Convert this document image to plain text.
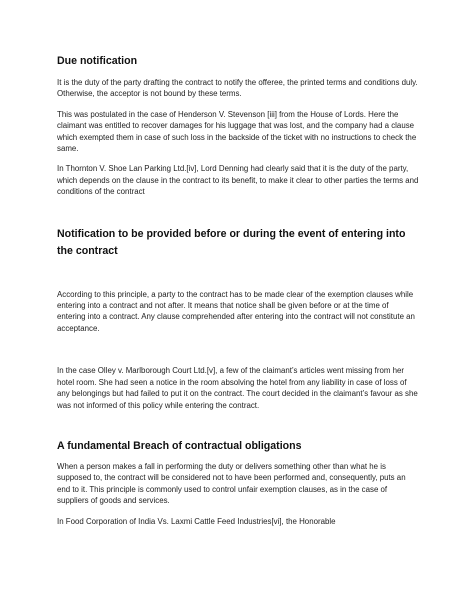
Due notification

It is the duty of the party drafting the contract to notify the offeree, the printed terms and conditions duly. Otherwise, the acceptor is not bound by these terms.

This was postulated in the case of Henderson V. Stevenson [iii] from the House of Lords. Here the claimant was entitled to recover damages for his luggage that was lost, and the company had a clause which exempted them in case of such loss in the backside of the ticket with no instructions to check the same.

In Thornton V. Shoe Lan Parking Ltd.[iv], Lord Denning had clearly said that it is the duty of the party, which depends on the clause in the contract to its benefit, to make it clear to other parties the terms and conditions of the contract

Notification to be provided before or during the event of entering into the contract

According to this principle, a party to the contract has to be made clear of the exemption clauses while entering into a contract and not after. It means that notice shall be given before or at the time of entering into a contract. Any clause comprehended after entering into the contract will not constitute an acceptance.

In the case Olley v. Marlborough Court Ltd.[v], a few of the claimant’s articles went missing from her hotel room. She had seen a notice in the room absolving the hotel from any liability in case of loss of any belongings but had failed to put it on the contract. The court decided in the claimant’s favour as she was not informed of this policy while entering the contract.

A fundamental Breach of contractual obligations

When a person makes a fall in performing the duty or delivers something other than what he is supposed to, the contract will be considered not to have been performed and, consequently, puts an end to it. This principle is commonly used to control unfair exemption clauses, as in the case of suppliers of goods and services.

In Food Corporation of India Vs. Laxmi Cattle Feed Industries[vi], the Honorable
